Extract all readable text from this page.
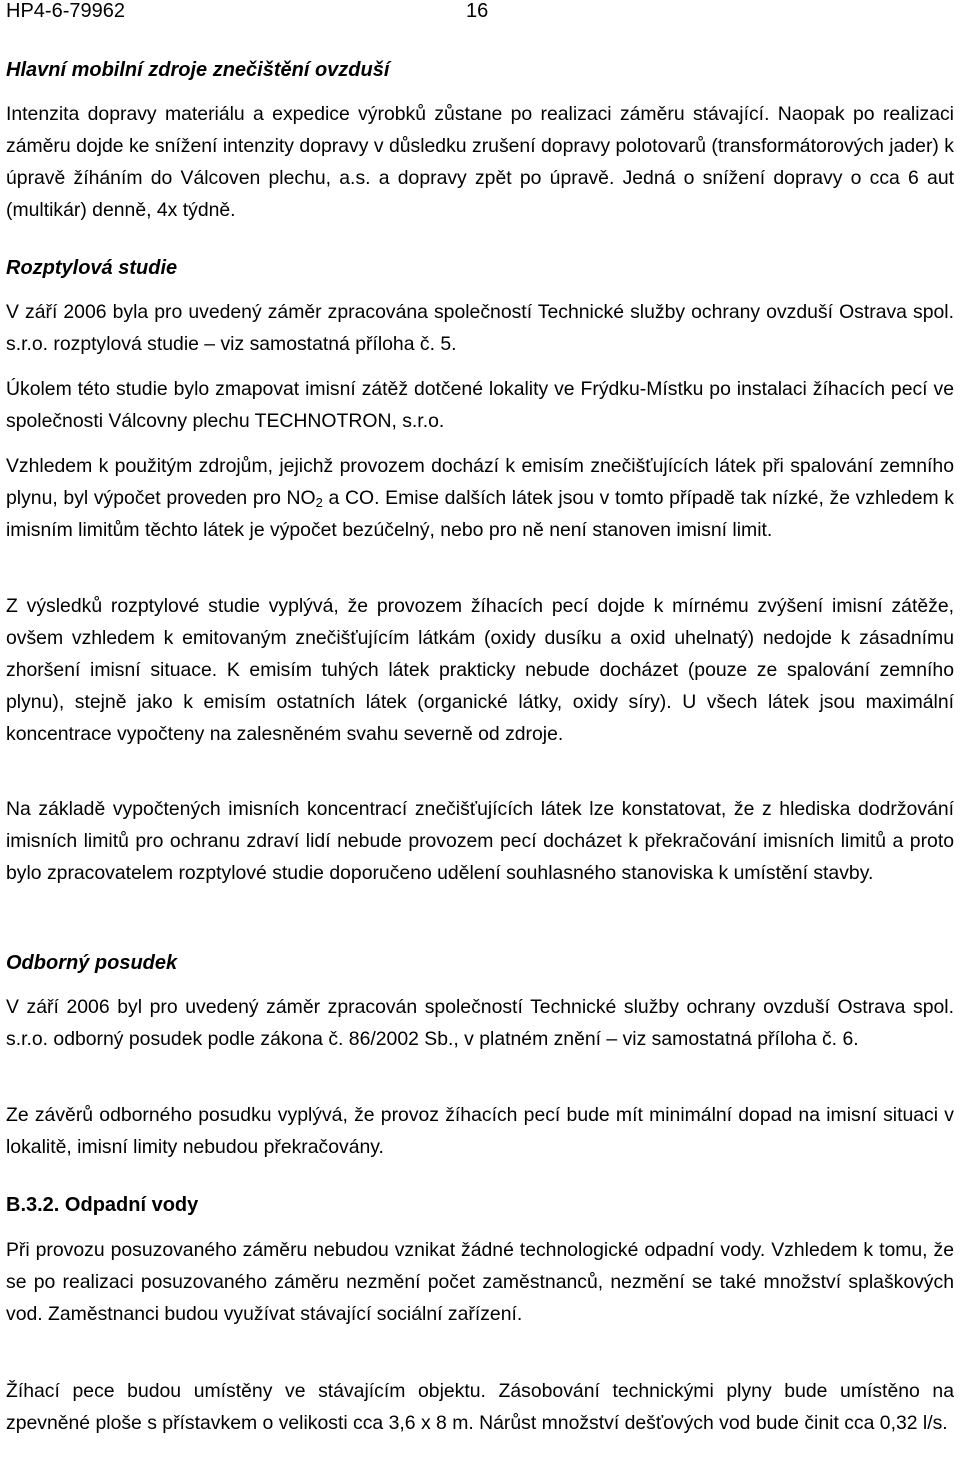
HP4-6-79962	16

Hlavní mobilní zdroje znečištění ovzduší

Intenzita dopravy materiálu a expedice výrobků zůstane po realizaci záměru stávající. Naopak po realizaci záměru dojde ke snížení intenzity dopravy v důsledku zrušení dopravy polotovarů (transformátorových jader) k úpravě žíháním do Válcoven plechu, a.s. a dopravy zpět po úpravě. Jedná o snížení dopravy o cca 6 aut (multikár) denně, 4x týdně.

Rozptylová studie

V září 2006 byla pro uvedený záměr zpracována společností Technické služby ochrany ovzduší Ostrava spol. s.r.o. rozptylová studie – viz samostatná příloha č. 5.

Úkolem této studie bylo zmapovat imisní zátěž dotčené lokality ve Frýdku-Místku po instalaci žíhacích pecí ve společnosti Válcovny plechu TECHNOTRON, s.r.o.

Vzhledem k použitým zdrojům, jejichž provozem dochází k emisím znečišťujících látek při spalování zemního plynu, byl výpočet proveden pro $NO_2$ a CO. Emise dalších látek jsou v tomto případě tak nízké, že vzhledem k imisním limitům těchto látek je výpočet bezúčelný, nebo pro ně není stanoven imisní limit.

Z výsledků rozptylové studie vyplývá, že provozem žíhacích pecí dojde k mírnému zvýšení imisní zátěže, ovšem vzhledem k emitovaným znečišťujícím látkám (oxidy dusíku a oxid uhelnatý) nedojde k zásadnímu zhoršení imisní situace. K emisím tuhých látek prakticky nebude docházet (pouze ze spalování zemního plynu), stejně jako k emisím ostatních látek (organické látky, oxidy síry). U všech látek jsou maximální koncentrace vypočteny na zalesněném svahu severně od zdroje.

Na základě vypočtených imisních koncentrací znečišťujících látek lze konstatovat, že z hlediska dodržování imisních limitů pro ochranu zdraví lidí nebude provozem pecí docházet k překračování imisních limitů a proto bylo zpracovatelem rozptylové studie doporučeno udělení souhlasného stanoviska k umístění stavby.

Odborný posudek

V září 2006 byl pro uvedený záměr zpracován společností Technické služby ochrany ovzduší Ostrava spol. s.r.o. odborný posudek podle zákona č. 86/2002 Sb., v platném znění – viz samostatná příloha č. 6.

Ze závěrů odborného posudku vyplývá, že provoz žíhacích pecí bude mít minimální dopad na imisní situaci v lokalitě, imisní limity nebudou překračovány.

B.3.2. Odpadní vody

Při provozu posuzovaného záměru nebudou vznikat žádné technologické odpadní vody. Vzhledem k tomu, že se po realizaci posuzovaného záměru nezmění počet zaměstnanců, nezmění se také množství splaškových vod. Zaměstnanci budou využívat stávající sociální zařízení.

Žíhací pece budou umístěny ve stávajícím objektu. Zásobování technickými plyny bude umístěno na zpevněné ploše s přístavkem o velikosti cca 3,6 x 8 m. Nárůst množství dešťových vod bude činit cca 0,32 l/s.
